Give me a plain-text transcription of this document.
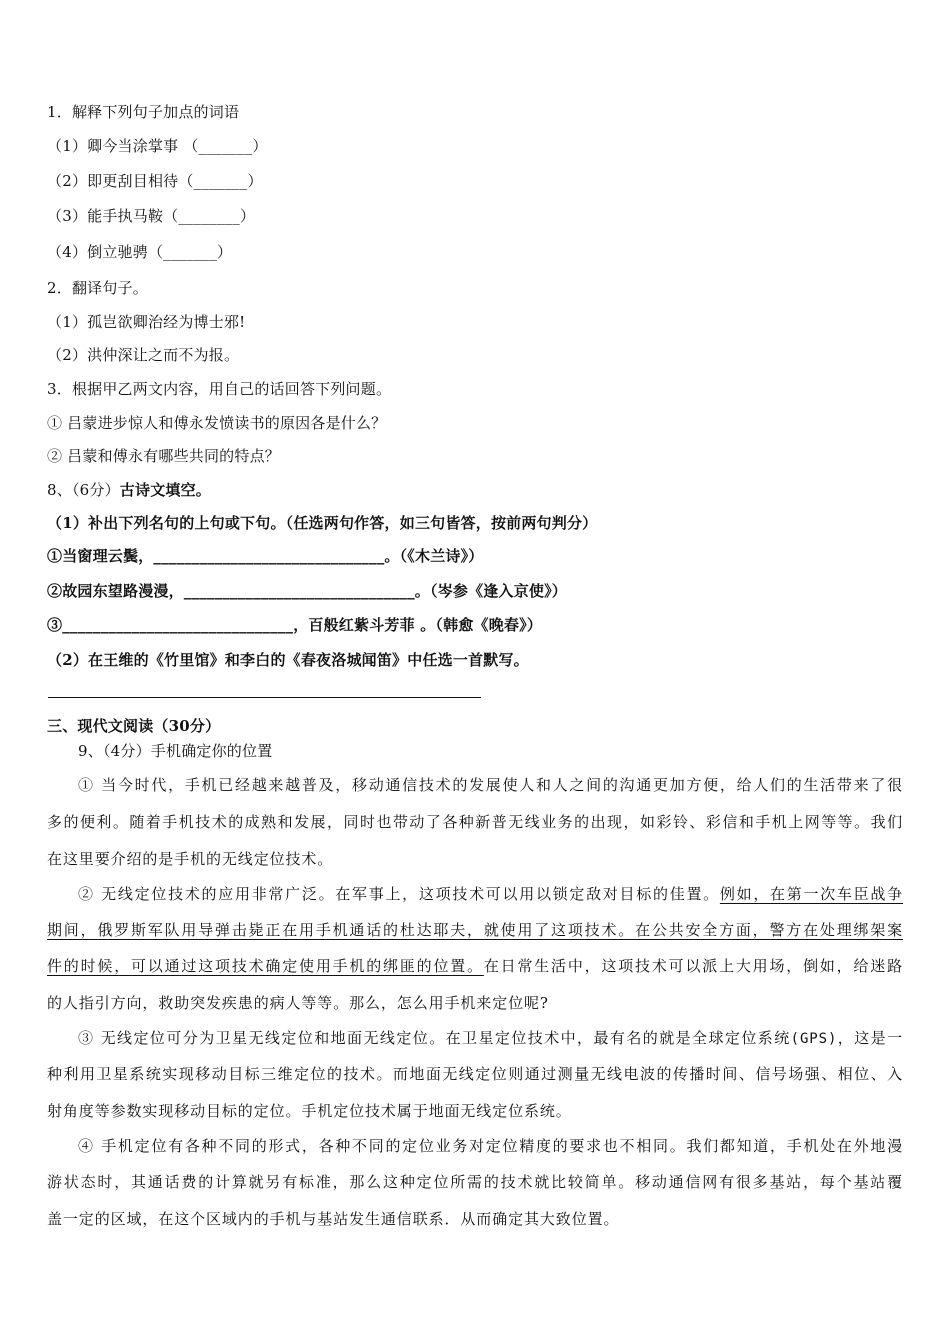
1．解释下列句子加点的词语
（1）卿今当涂掌事 （_______）
（2）即更刮目相待（_______）
（3）能手执马鞍（________）
（4）倒立驰骋（_______）
2．翻译句子。
（1）孤岂欲卿治经为博士邪!
（2）洪仲深让之而不为报。
3．根据甲乙两文内容，用自己的话回答下列问题。
① 吕蒙进步惊人和傅永发愤读书的原因各是什么？
② 吕蒙和傅永有哪些共同的特点？
8、（6分）古诗文填空。
（1）补出下列名句的上句或下句。（任选两句作答，如三句皆答，按前两句判分）
①当窗理云鬓，______________________________。（《木兰诗》）
②故园东望路漫漫，______________________________。（岑参《逢入京使》）
③______________________________，百般红紫斗芳菲 。（韩愈《晚春》）
（2）在王维的《竹里馆》和李白的《春夜洛城闻笛》中任选一首默写。
三、现代文阅读（30分）
9、（4分）手机确定你的位置
① 当今时代，手机已经越来越普及，移动通信技术的发展使人和人之间的沟通更加方便，给人们的生活带来了很
多的便利。随着手机技术的成熟和发展，同时也带动了各种新普无线业务的出现，如彩铃、彩信和手机上网等等。我们
在这里要介绍的是手机的无线定位技术。
② 无线定位技术的应用非常广泛。在军事上，这项技术可以用以锁定敌对目标的佳置。例如，在第一次车臣战争
期间，俄罗斯军队用导弹击毙正在用手机通话的杜达耶夫，就使用了这项技术。在公共安全方面，警方在处理绑架案
件的时候，可以通过这项技术确定使用手机的绑匪的位置。在日常生活中，这项技术可以派上大用场，倒如，给迷路
的人指引方向，救助突发疾患的病人等等。那么，怎么用手机来定位呢?
③ 无线定位可分为卫星无线定位和地面无线定位。在卫星定位技术中，最有名的就是全球定位系统(GPS)，这是一
种利用卫星系统实现移动目标三维定位的技术。而地面无线定位则通过测量无线电波的传播时间、信号场强、相位、入
射角度等参数实现移动目标的定位。手机定位技术属于地面无线定位系统。
④ 手机定位有各种不同的形式，各种不同的定位业务对定位精度的要求也不相同。我们都知道，手机处在外地漫
游状态时，其通话费的计算就另有标准，那么这种定位所需的技术就比较简单。移动通信网有很多基站，每个基站覆
盖一定的区域，在这个区域内的手机与基站发生通信联系．从而确定其大致位置。
